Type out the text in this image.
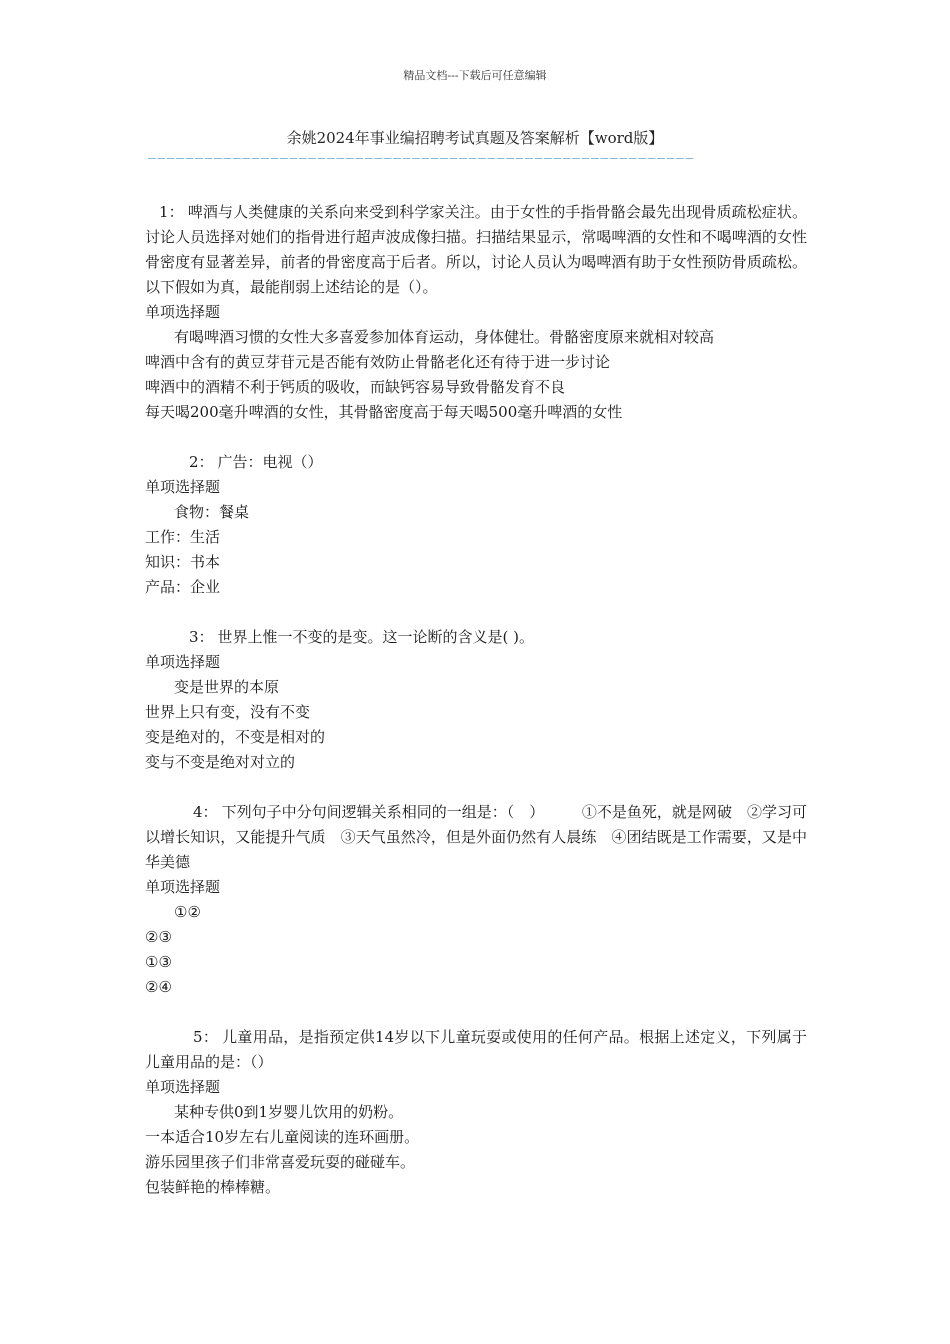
精品文档---下载后可任意编辑
余姚2024年事业编招聘考试真题及答案解析【word版】
——————————————————————————————————————————————————————————
1： 啤酒与人类健康的关系向来受到科学家关注。由于女性的手指骨骼会最先出现骨质疏松症状。讨论人员选择对她们的指骨进行超声波成像扫描。扫描结果显示，常喝啤酒的女性和不喝啤酒的女性骨密度有显著差异，前者的骨密度高于后者。所以，讨论人员认为喝啤酒有助于女性预防骨质疏松。以下假如为真，最能削弱上述结论的是（）。
单项选择题
有喝啤酒习惯的女性大多喜爱参加体育运动，身体健壮。骨骼密度原来就相对较高
啤酒中含有的黄豆芽苷元是否能有效防止骨骼老化还有待于进一步讨论
啤酒中的酒精不利于钙质的吸收，而缺钙容易导致骨骼发育不良
每天喝200毫升啤酒的女性，其骨骼密度高于每天喝500毫升啤酒的女性
2： 广告：电视（）
单项选择题
食物：餐桌
工作：生活
知识：书本
产品：企业
3： 世界上惟一不变的是变。这一论断的含义是( )。
单项选择题
变是世界的本原
世界上只有变，没有不变
变是绝对的，不变是相对的
变与不变是绝对对立的
4： 下列句子中分句间逻辑关系相同的一组是：（　）　　　①不是鱼死，就是网破　②学习可以增长知识，又能提升气质　③天气虽然冷，但是外面仍然有人晨练　④团结既是工作需要，又是中华美德
单项选择题
①②
②③
①③
②④
5： 儿童用品，是指预定供14岁以下儿童玩耍或使用的任何产品。根据上述定义，下列属于儿童用品的是：（）
单项选择题
某种专供0到1岁婴儿饮用的奶粉。
一本适合10岁左右儿童阅读的连环画册。
游乐园里孩子们非常喜爱玩耍的碰碰车。
包装鲜艳的棒棒糖。
